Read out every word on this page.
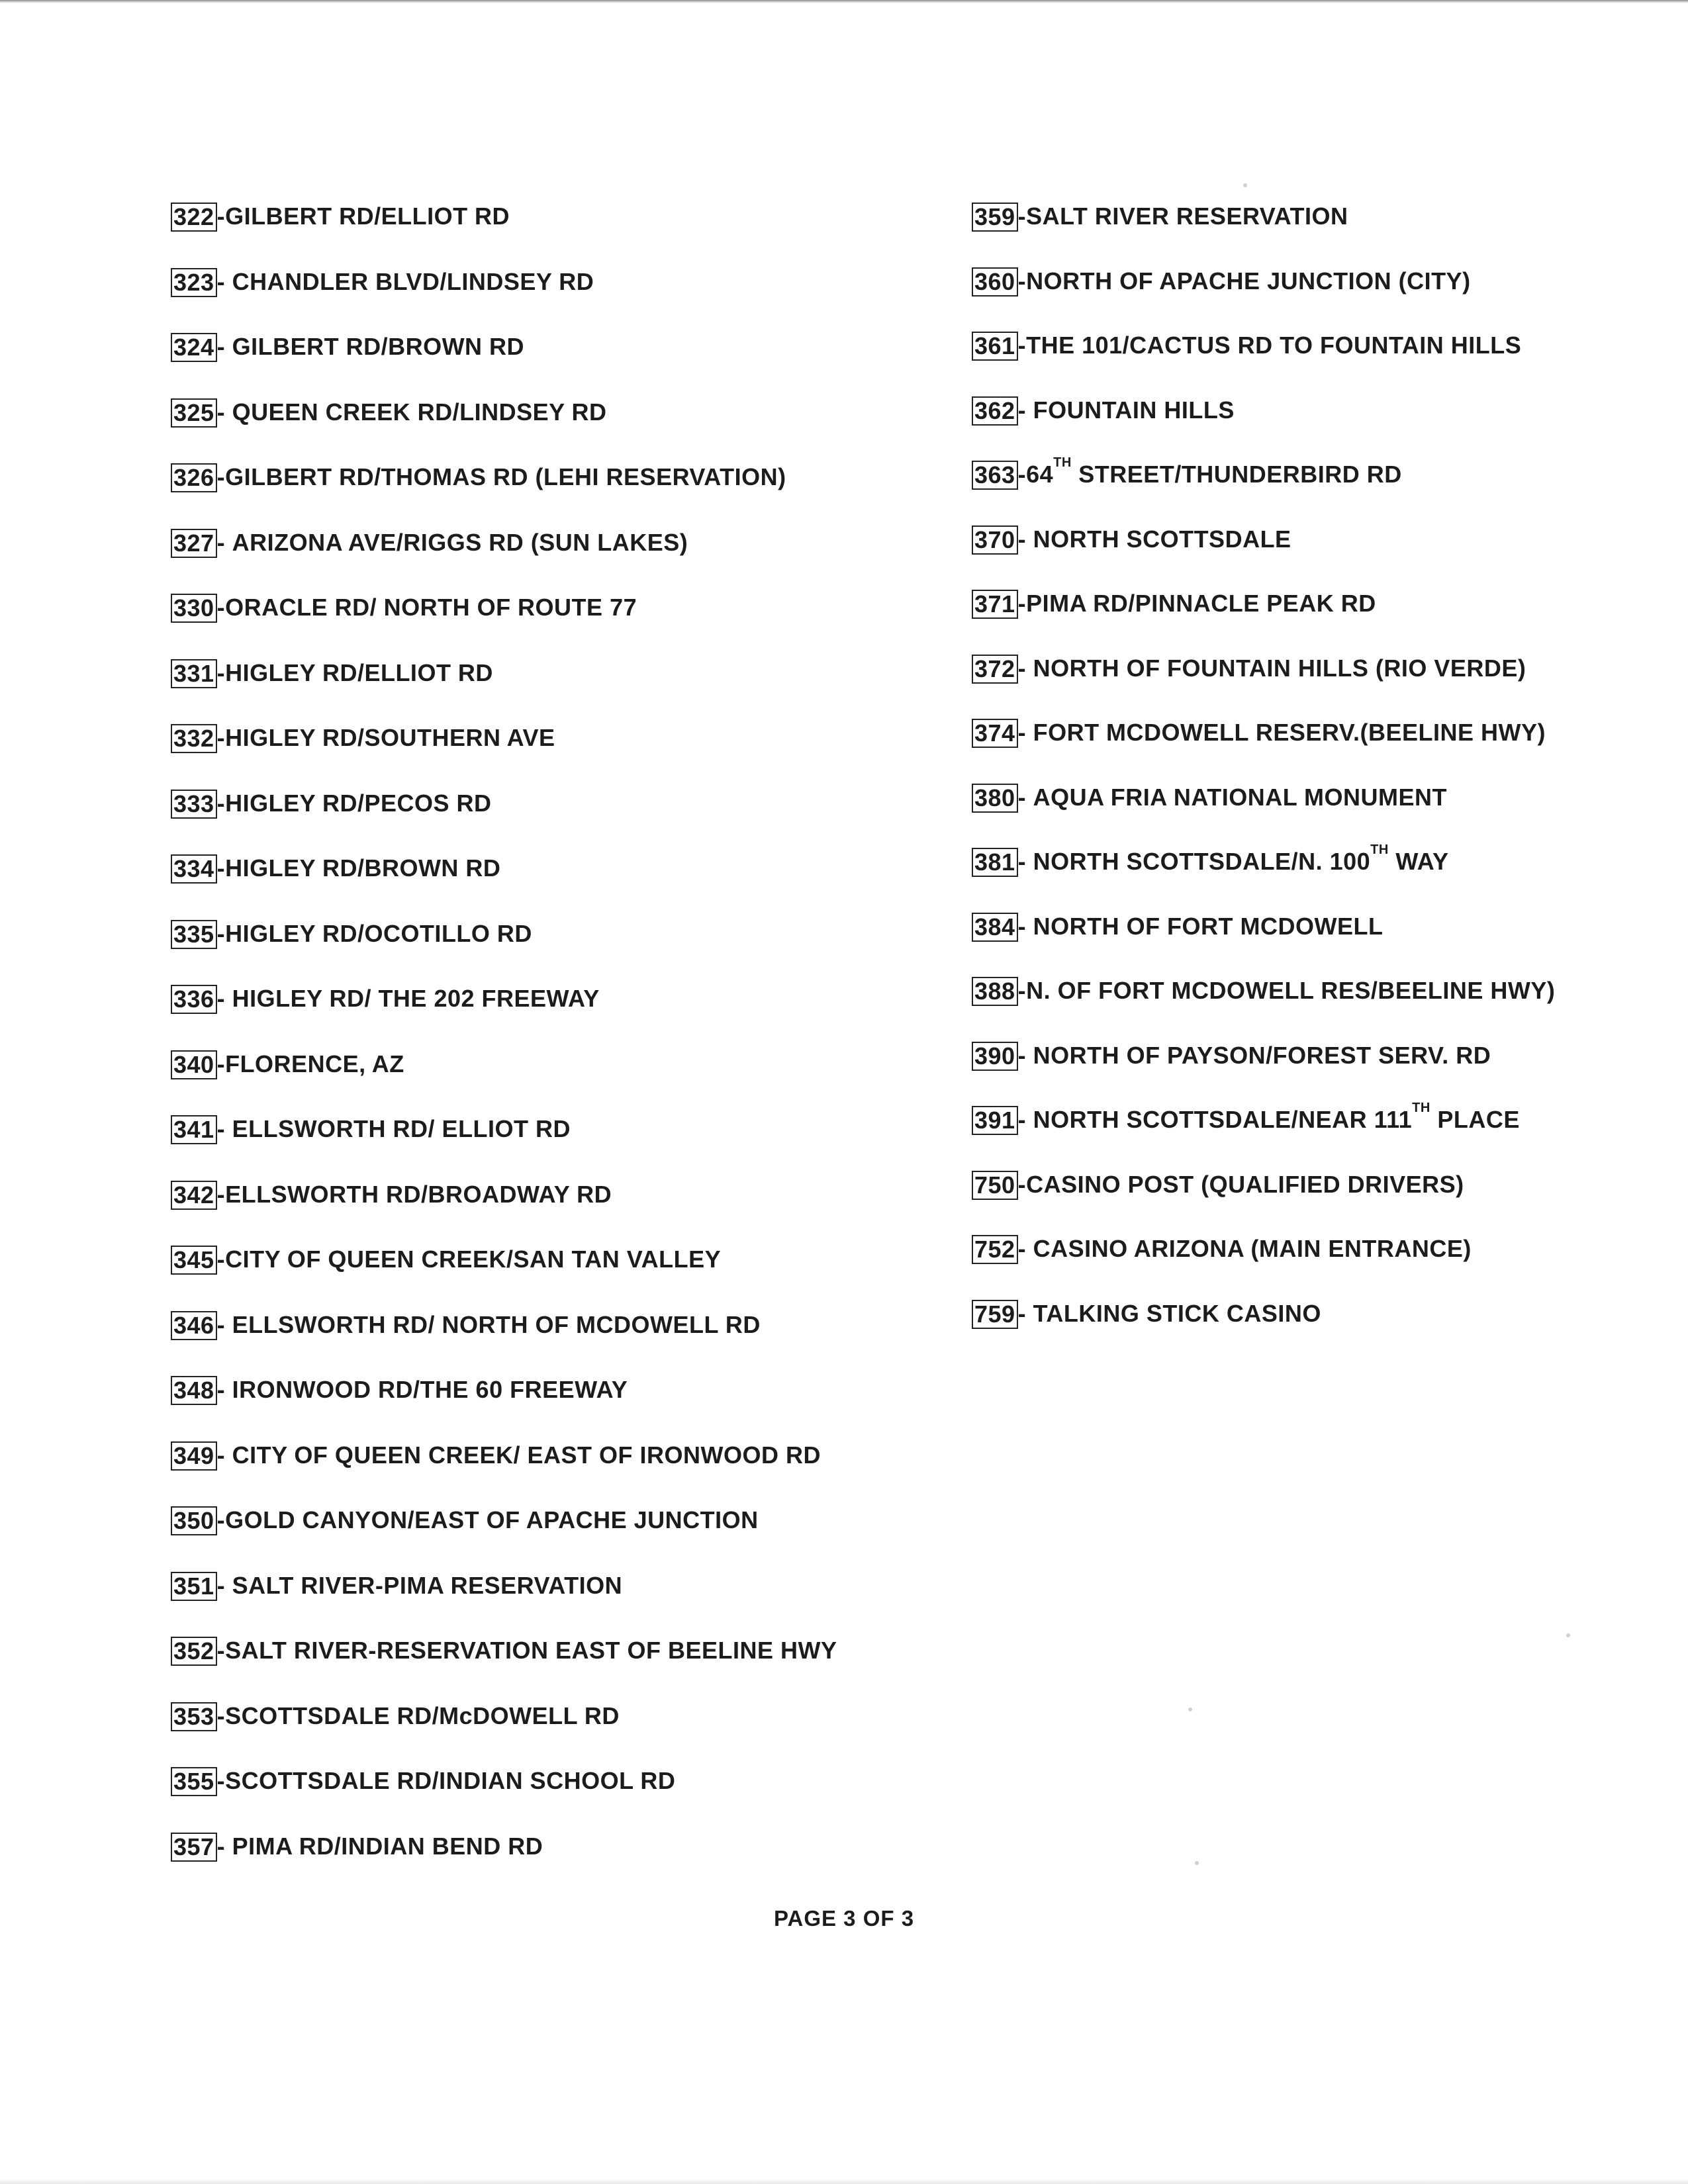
322 - GILBERT RD/ELLIOT RD
323 - CHANDLER BLVD/LINDSEY RD
324 - GILBERT RD/BROWN RD
325 - QUEEN CREEK RD/LINDSEY RD
326 - GILBERT RD/THOMAS RD (LEHI RESERVATION)
327 - ARIZONA AVE/RIGGS RD (SUN LAKES)
330 - ORACLE RD/ NORTH OF ROUTE 77
331 - HIGLEY RD/ELLIOT RD
332 - HIGLEY RD/SOUTHERN AVE
333 - HIGLEY RD/PECOS RD
334 - HIGLEY RD/BROWN RD
335 - HIGLEY RD/OCOTILLO RD
336 - HIGLEY RD/ THE 202 FREEWAY
340 - FLORENCE, AZ
341 - ELLSWORTH RD/ ELLIOT RD
342 - ELLSWORTH RD/BROADWAY RD
345 - CITY OF QUEEN CREEK/SAN TAN VALLEY
346 - ELLSWORTH RD/ NORTH OF MCDOWELL RD
348 - IRONWOOD RD/THE 60 FREEWAY
349 - CITY OF QUEEN CREEK/ EAST OF IRONWOOD RD
350 - GOLD CANYON/EAST OF APACHE JUNCTION
351 - SALT RIVER-PIMA RESERVATION
352 - SALT RIVER-RESERVATION EAST OF BEELINE HWY
353 - SCOTTSDALE RD/McDOWELL RD
355 - SCOTTSDALE RD/INDIAN SCHOOL RD
357 - PIMA RD/INDIAN BEND RD
359 - SALT RIVER RESERVATION
360 - NORTH OF APACHE JUNCTION (CITY)
361 - THE 101/CACTUS RD TO FOUNTAIN HILLS
362 - FOUNTAIN HILLS
363 - 64TH STREET/THUNDERBIRD RD
370 - NORTH SCOTTSDALE
371 - PIMA RD/PINNACLE PEAK RD
372 - NORTH OF FOUNTAIN HILLS (RIO VERDE)
374 - FORT MCDOWELL RESERV.(BEELINE HWY)
380 - AQUA FRIA NATIONAL MONUMENT
381 - NORTH SCOTTSDALE/N. 100TH WAY
384 - NORTH OF FORT MCDOWELL
388 - N. OF FORT MCDOWELL RES/BEELINE HWY)
390 - NORTH OF PAYSON/FOREST SERV. RD
391 - NORTH SCOTTSDALE/NEAR 111TH PLACE
750 - CASINO POST (QUALIFIED DRIVERS)
752 - CASINO ARIZONA (MAIN ENTRANCE)
759 - TALKING STICK CASINO
PAGE 3 OF 3
